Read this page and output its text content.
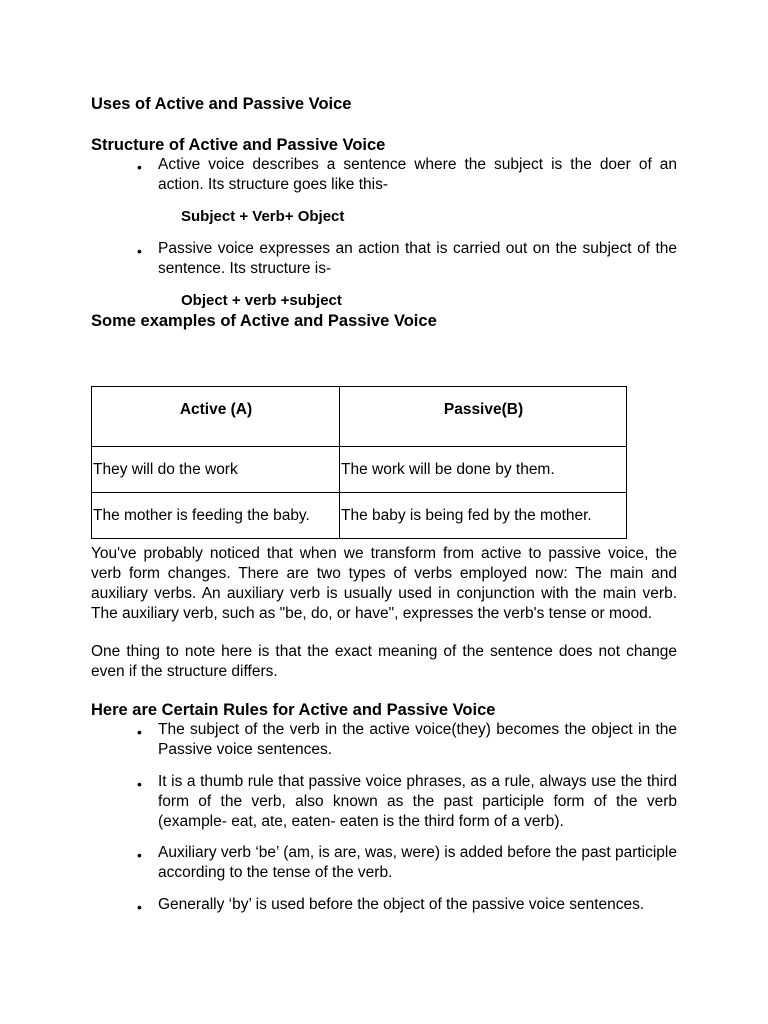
Uses of Active and Passive Voice
Structure of Active and Passive Voice
• Active voice describes a sentence where the subject is the doer of an action. Its structure goes like this-
Subject + Verb+ Object
• Passive voice expresses an action that is carried out on the subject of the sentence. Its structure is-
Object + verb +subject
Some examples of Active and Passive Voice
Active (A)	Passive(B)
They will do the work	The work will be done by them.
The mother is feeding the baby.	The baby is being fed by the mother.
You've probably noticed that when we transform from active to passive voice, the verb form changes. There are two types of verbs employed now: The main and auxiliary verbs. An auxiliary verb is usually used in conjunction with the main verb. The auxiliary verb, such as "be, do, or have", expresses the verb's tense or mood.
One thing to note here is that the exact meaning of the sentence does not change even if the structure differs.
Here are Certain Rules for Active and Passive Voice
• The subject of the verb in the active voice(they) becomes the object in the Passive voice sentences.
• It is a thumb rule that passive voice phrases, as a rule, always use the third form of the verb, also known as the past participle form of the verb (example- eat, ate, eaten- eaten is the third form of a verb).
• Auxiliary verb ‘be’ (am, is are, was, were) is added before the past participle according to the tense of the verb.
• Generally ‘by’ is used before the object of the passive voice sentences.
